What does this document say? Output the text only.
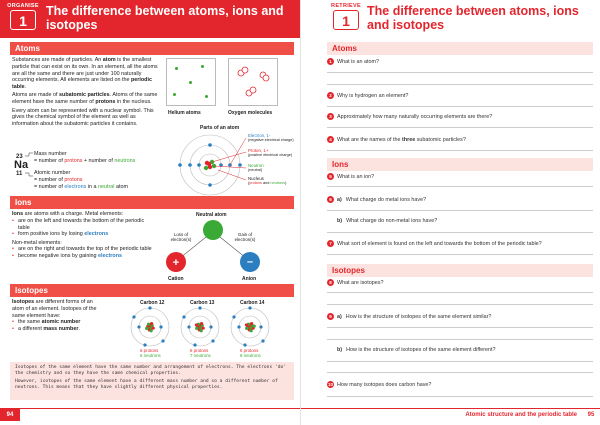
ORGANISE
1
The difference between atoms, ions and isotopes
Atoms

Substances are made of particles. An atom is the smallest particle that can exist on its own. In an element, all the atoms are all the same and there are just under 100 naturally occurring elements. All elements are listed on the periodic table.

Atoms are made of subatomic particles. Atoms of the same element have the same number of protons in the nucleus.

Every atom can be represented with a nuclear symbol. This gives the chemical symbol of the element as well as information about the subatomic particles it contains.

Helium atoms	Oxygen molecules
23
Na
11
Mass number
= number of protons + number of neutrons
Atomic number
= number of protons
= number of electrons in a neutral atom
Parts of an atom
Electron, 1-
(negative electrical charge)
Proton, 1+
(positive electrical charge)
Neutron
(neutral)
Nucleus
(protons and neutrons)
Ions

Ions are atoms with a charge. Metal elements:

• are on the left and towards the bottom of the periodic table
• form positive ions by losing electrons

Non-metal elements:

• are on the right and towards the top of the periodic table
• become negative ions by gaining electrons
Neutral atom
+	–
Loss of electron(s)
Gain of electron(s)
Cation	Anion
Isotopes

Isotopes are different forms of an atom of an element. Isotopes of the same element have:

• the same atomic number
• a different mass number.
Carbon 12	Carbon 13	Carbon 14
6 protons
6 neutrons
6 protons
7 neutrons
6 protons
8 neutrons

Isotopes of the same element have the same number and arrangement of electrons. The electrons 'do' the chemistry and so they have the same chemical properties.

However, isotopes of the same element have a different mass number and so a different number of neutrons. This means that they have slightly different physical properties.

94
RETRIEVE
1
The difference between atoms, ions and isotopes
Atoms
1 What is an atom?
2 Why is hydrogen an element?
3 Approximately how many naturally occurring elements are there?
4 What are the names of the three subatomic particles?
Ions
5 What is an ion?
6 a) What charge do metal ions have?
b) What charge do non-metal ions have?
7 What sort of element is found on the left and towards the bottom of the periodic table?
Isotopes
8 What are isotopes?
9 a) How is the structure of isotopes of the same element similar?
b) How is the structure of isotopes of the same element different?
10 How many isotopes does carbon have?
Atomic structure and the periodic table	95
